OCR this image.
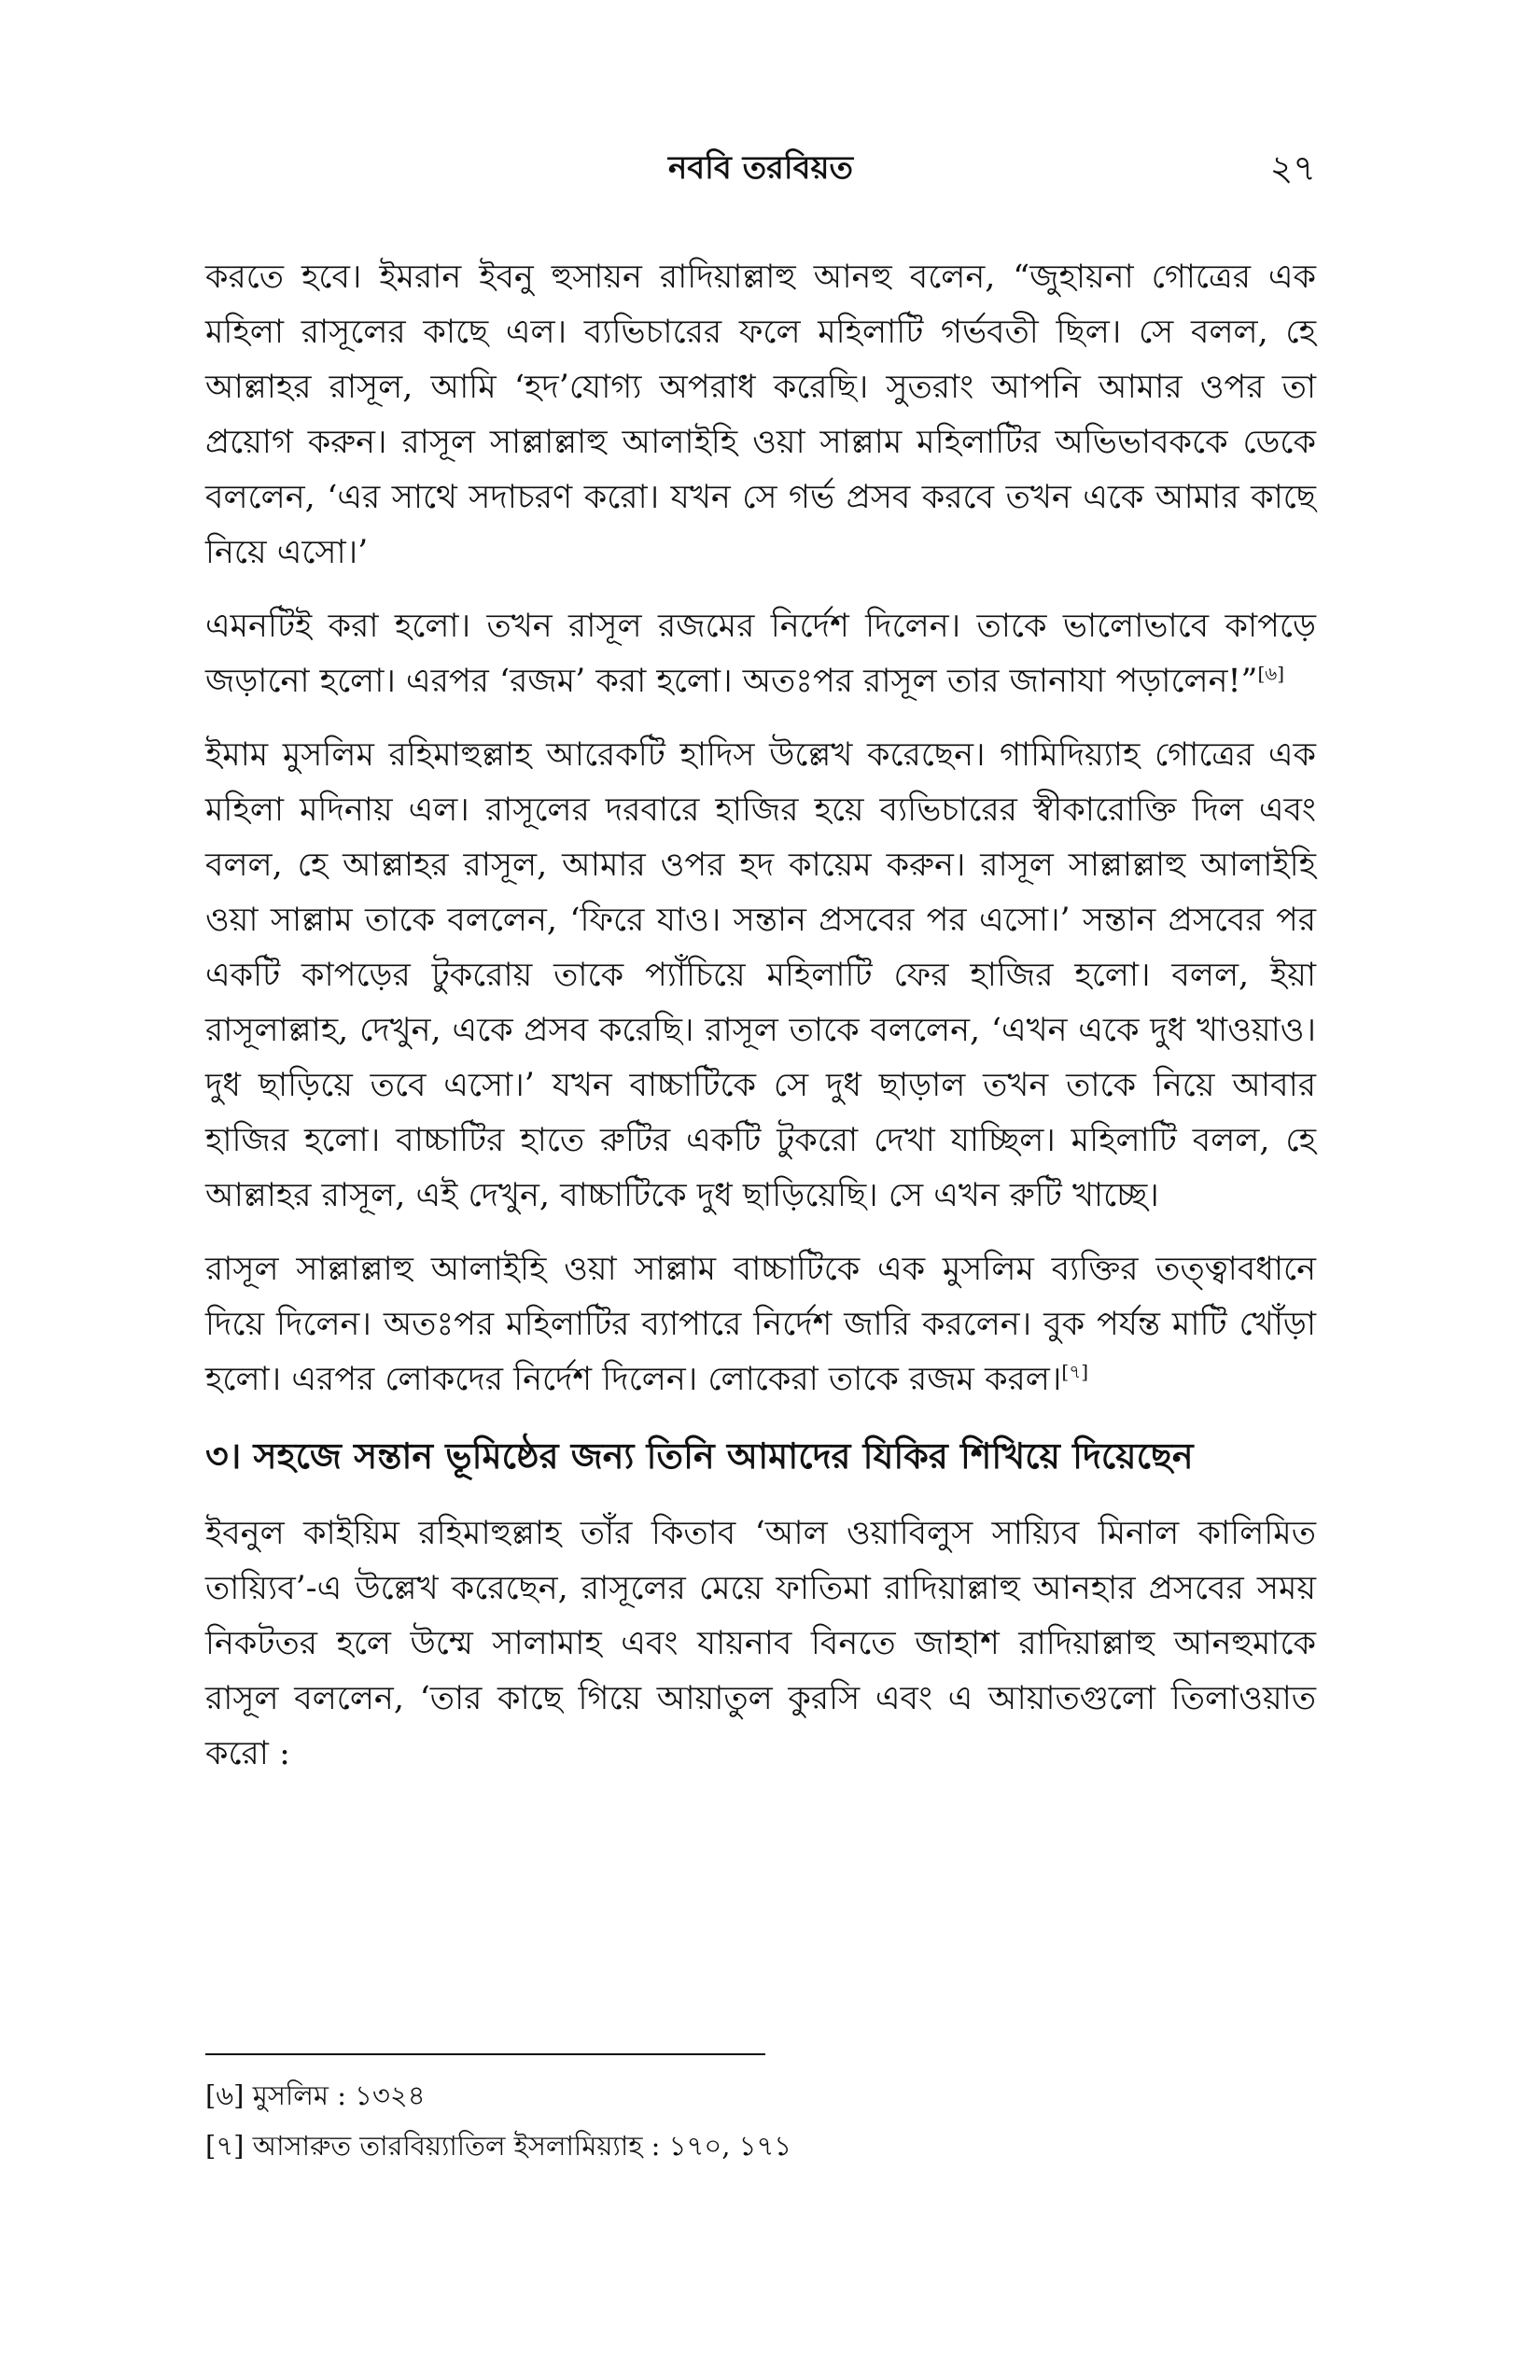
নববি তরবিয়ত	২৭

করতে হবে। ইমরান ইবনু হুসায়ন রাদিয়াল্লাহু আনহু বলেন, “জুহায়না গোত্রের এক মহিলা রাসূলের কাছে এল। ব্যভিচারের ফলে মহিলাটি গর্ভবতী ছিল। সে বলল, হে আল্লাহর রাসূল, আমি ‘হদ’যোগ্য অপরাধ করেছি। সুতরাং আপনি আমার ওপর তা প্রয়োগ করুন। রাসূল সাল্লাল্লাহু আলাইহি ওয়া সাল্লাম মহিলাটির অভিভাবককে ডেকে বললেন, ‘এর সাথে সদাচরণ করো। যখন সে গর্ভ প্রসব করবে তখন একে আমার কাছে নিয়ে এসো।’

এমনটিই করা হলো। তখন রাসূল রজমের নির্দেশ দিলেন। তাকে ভালোভাবে কাপড়ে জড়ানো হলো। এরপর ‘রজম’ করা হলো। অতঃপর রাসূল তার জানাযা পড়ালেন!”[৬]

ইমাম মুসলিম রহিমাহুল্লাহ আরেকটি হাদিস উল্লেখ করেছেন। গামিদিয়্যাহ গোত্রের এক মহিলা মদিনায় এল। রাসূলের দরবারে হাজির হয়ে ব্যভিচারের স্বীকারোক্তি দিল এবং বলল, হে আল্লাহর রাসূল, আমার ওপর হদ কায়েম করুন। রাসূল সাল্লাল্লাহু আলাইহি ওয়া সাল্লাম তাকে বললেন, ‘ফিরে যাও। সন্তান প্রসবের পর এসো।’ সন্তান প্রসবের পর একটি কাপড়ের টুকরোয় তাকে প্যাঁচিয়ে মহিলাটি ফের হাজির হলো। বলল, ইয়া রাসূলাল্লাহ, দেখুন, একে প্রসব করেছি। রাসূল তাকে বললেন, ‘এখন একে দুধ খাওয়াও। দুধ ছাড়িয়ে তবে এসো।’ যখন বাচ্চাটিকে সে দুধ ছাড়াল তখন তাকে নিয়ে আবার হাজির হলো। বাচ্চাটির হাতে রুটির একটি টুকরো দেখা যাচ্ছিল। মহিলাটি বলল, হে আল্লাহর রাসূল, এই দেখুন, বাচ্চাটিকে দুধ ছাড়িয়েছি। সে এখন রুটি খাচ্ছে।

রাসূল সাল্লাল্লাহু আলাইহি ওয়া সাল্লাম বাচ্চাটিকে এক মুসলিম ব্যক্তির তত্ত্বাবধানে দিয়ে দিলেন। অতঃপর মহিলাটির ব্যাপারে নির্দেশ জারি করলেন। বুক পর্যন্ত মাটি খোঁড়া হলো। এরপর লোকদের নির্দেশ দিলেন। লোকেরা তাকে রজম করল।[৭]

৩। সহজে সন্তান ভূমিষ্ঠের জন্য তিনি আমাদের যিকির শিখিয়ে দিয়েছেন

ইবনুল কাইয়িম রহিমাহুল্লাহ তাঁর কিতাব ‘আল ওয়াবিলুস সায়্যিব মিনাল কালিমিত তায়্যিব’-এ উল্লেখ করেছেন, রাসূলের মেয়ে ফাতিমা রাদিয়াল্লাহু আনহার প্রসবের সময় নিকটতর হলে উম্মে সালামাহ এবং যায়নাব বিনতে জাহাশ রাদিয়াল্লাহু আনহুমাকে রাসূল বললেন, ‘তার কাছে গিয়ে আয়াতুল কুরসি এবং এ আয়াতগুলো তিলাওয়াত করো :

[৬] মুসলিম : ১৩২৪

[৭] আসারুত তারবিয়্যাতিল ইসলামিয়্যাহ : ১৭০, ১৭১
